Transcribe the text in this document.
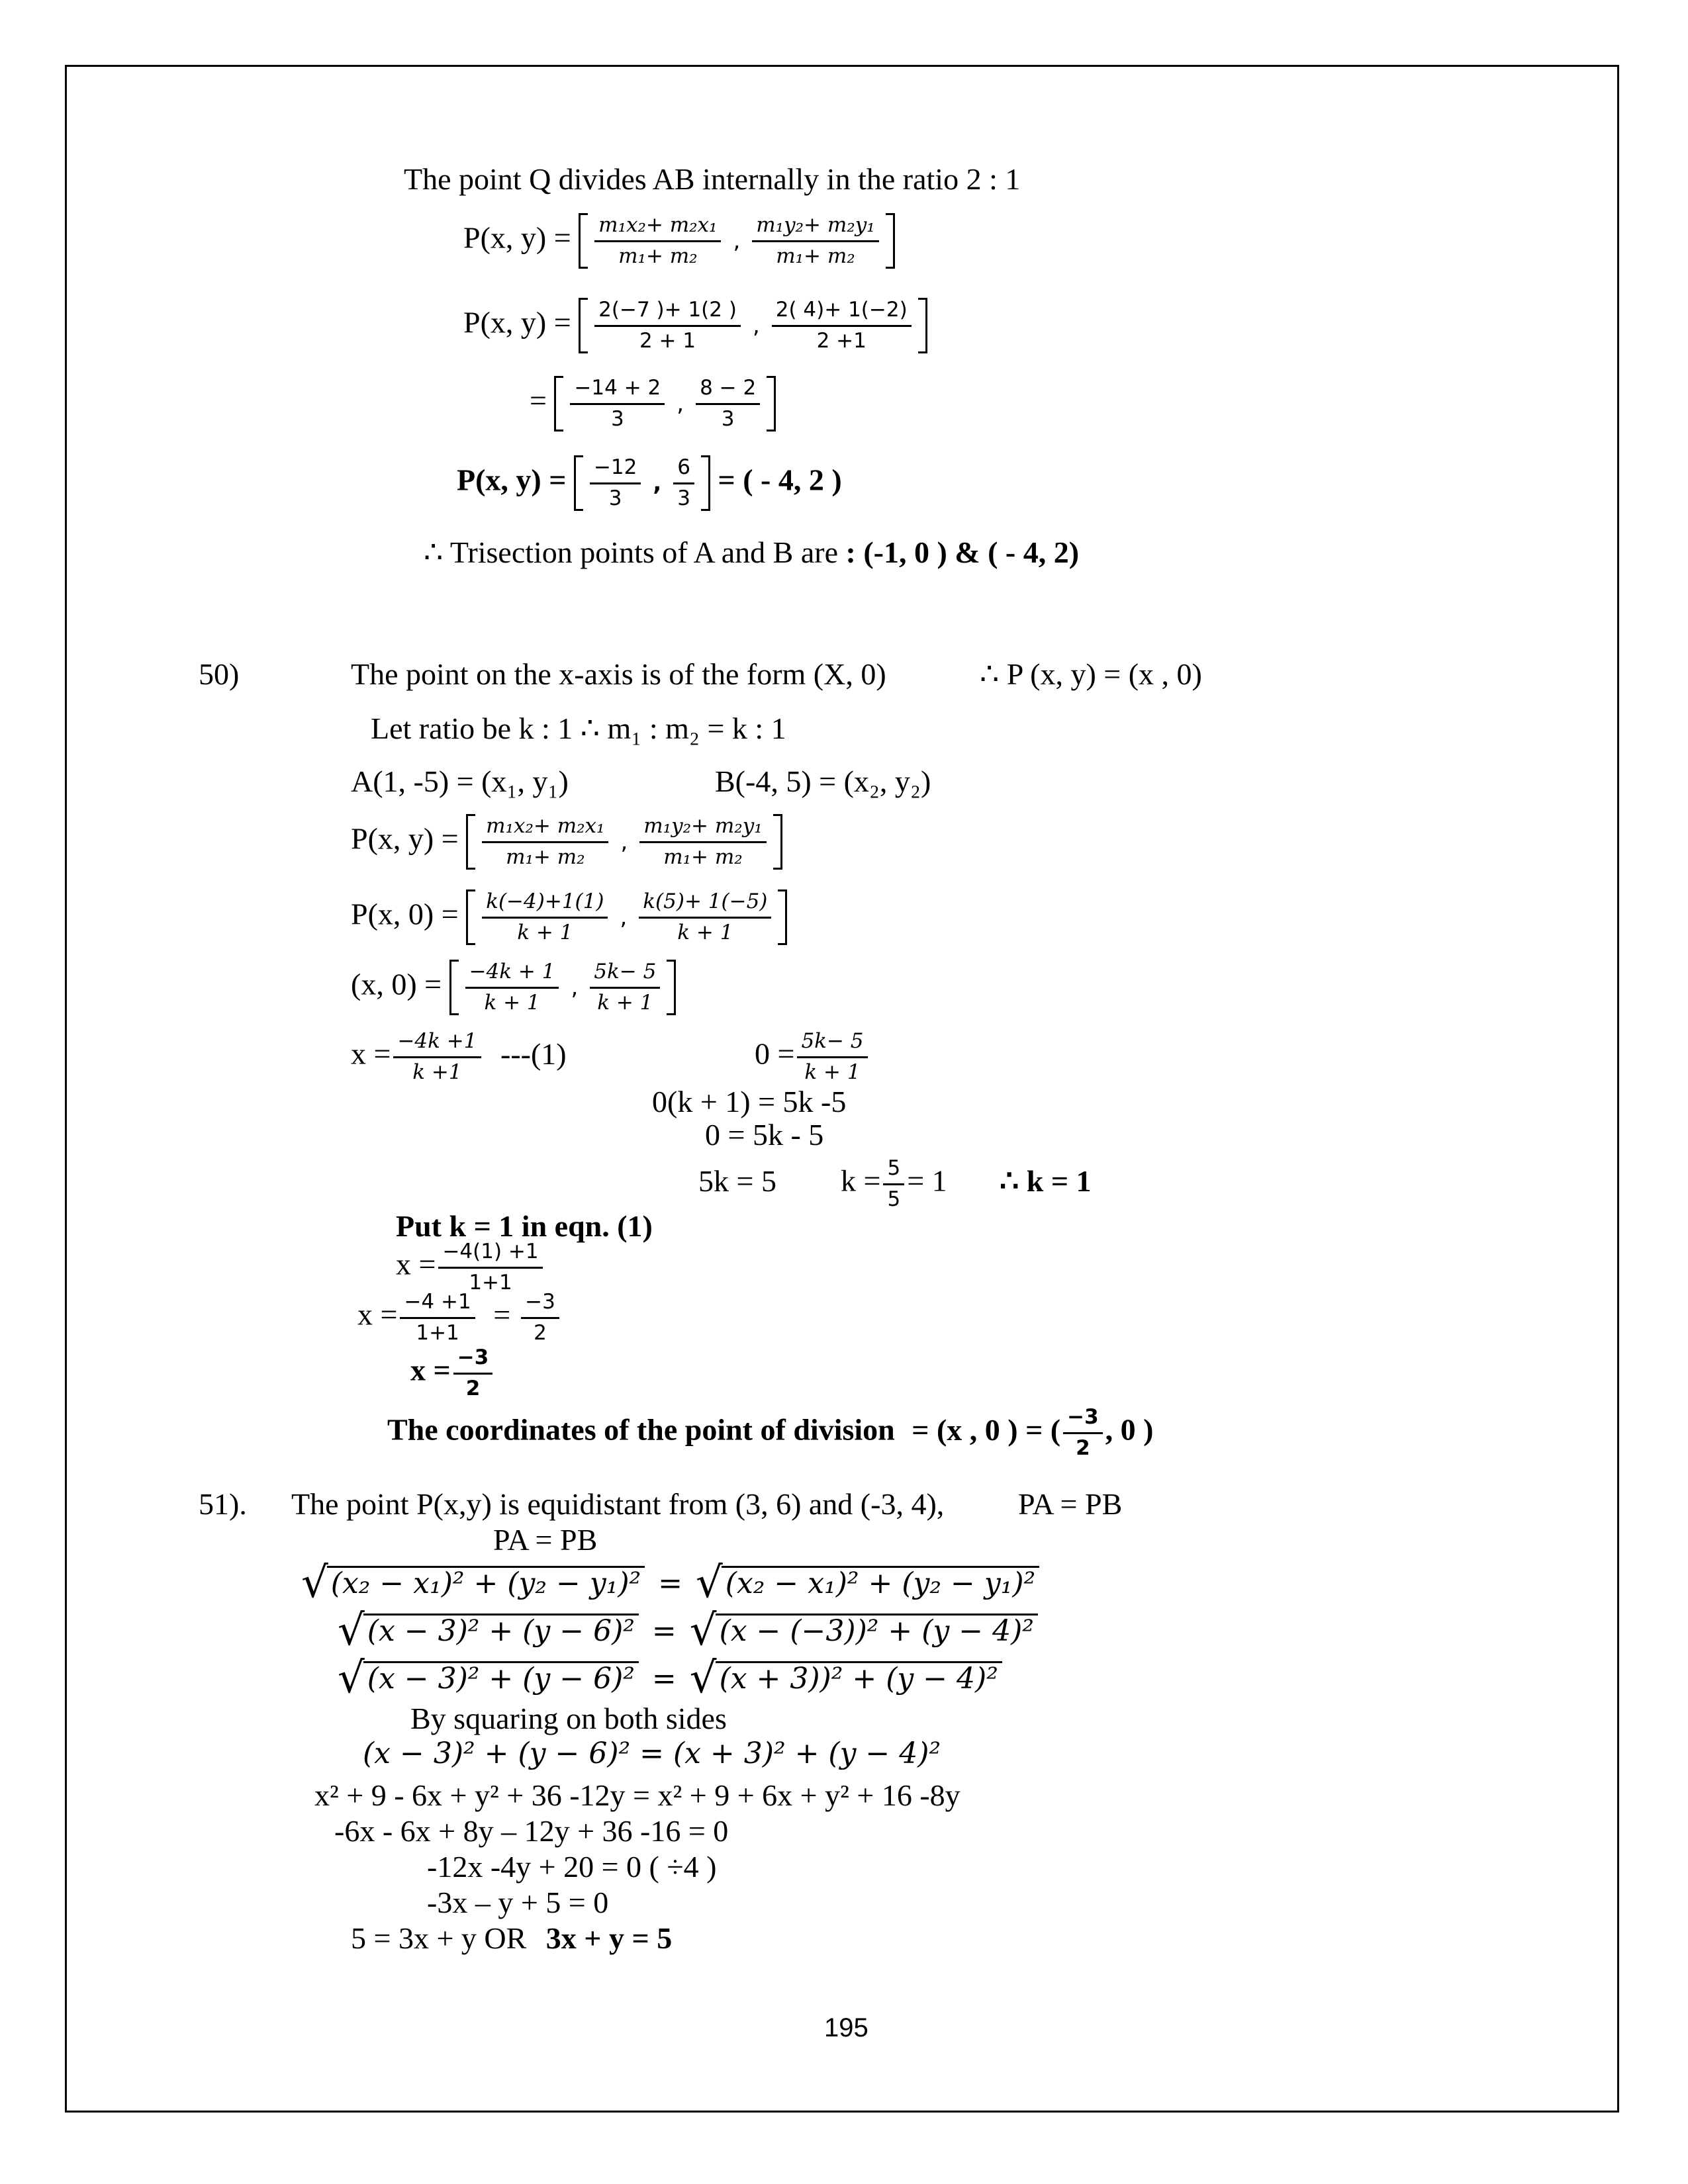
The point Q divides AB internally in the ratio 2 : 1
P(x, $y) = \frac{\text{m₁x₂+ m₂x₁}}{\text{m₁+ m₂}}$ , $\frac{\text{m₁y₂+ m₂y₁}}{\text{m₁+ m₂}}$
P(x, $y) = \frac{2(-7 )+ 1(2 )}{2 + 1}$ , $\frac{2( 4)+ 1(-2)}{2 +1}$
= $\frac{-14 + 2}{3}$ , $\frac{8 - 2}{3}$
P(x, $y) = \frac{-12}{3}$ , $\frac{6}{3}$ = ( - 4, 2 )
∴ Trisection points of A and B are : (-1, 0 ) & ( - 4, 2)
50)	The point on the x-axis is of the form (X, 0)	∴ P (x, y) = (x , 0)
Let ratio be k : 1 ∴ m₁ : m₂ = k : 1
A(1, -5) = (x₁, y₁)	B(-4, 5) = (x₂, y₂)
P(x, $y) = \frac{\text{m₁x₂+ m₂x₁}}{\text{m₁+ m₂}}$ , $\frac{\text{m₁y₂+ m₂y₁}}{\text{m₁+ m₂}}$
P(x, $0) = \frac{k(-4)+1(1)}{k + 1}$ , $\frac{k(5)+ 1(-5)}{k + 1}$
(x, $0) = \frac{-4k + 1}{k + 1}$ , $\frac{5k- 5}{k + 1}$
$x = \frac{-4k +1}{k +1} ---(1)$	$0 = \frac{5k- 5}{k + 1}$
0(k + 1) = 5k -5
0 = 5k - 5
5k = 5 $k = \frac{5}{5} = 1$ ∴ k = 1
Put k = 1 in eqn. (1)
$x = \frac{-4(1) +1}{1+1}$
$x = \frac{-4 +1}{1+1} = \frac{-3}{2}$
$x = \frac{-3}{2}$
The coordinates of the point of division = (x , 0 ) = ( $\frac{-3}{2}$ , 0 )
51). The point P(x,y) is equidistant from (3, 6) and (-3, 4), PA = PB
PA = PB
√(x₂ − x₁)² + (y₂ − y₁)² = √(x₂ − x₁)² + (y₂ − y₁)²
√(x − 3)² + (y − 6)² = √(x − (−3))² + (y − 4)²
√(x − 3)² + (y − 6)² = √(x + 3))² + (y − 4)²
By squaring on both sides
(x − 3)² + (y − 6)² = (x + 3)² + (y − 4)²
x² + 9 - 6x + y² + 36 -12y = x² + 9 + 6x + y² + 16 -8y
-6x - 6x + 8y – 12y + 36 -16 = 0
-12x -4y + 20 = 0 ( ÷4 )
-3x – y + 5 = 0
5 = 3x + y OR 3x + y = 5
195
